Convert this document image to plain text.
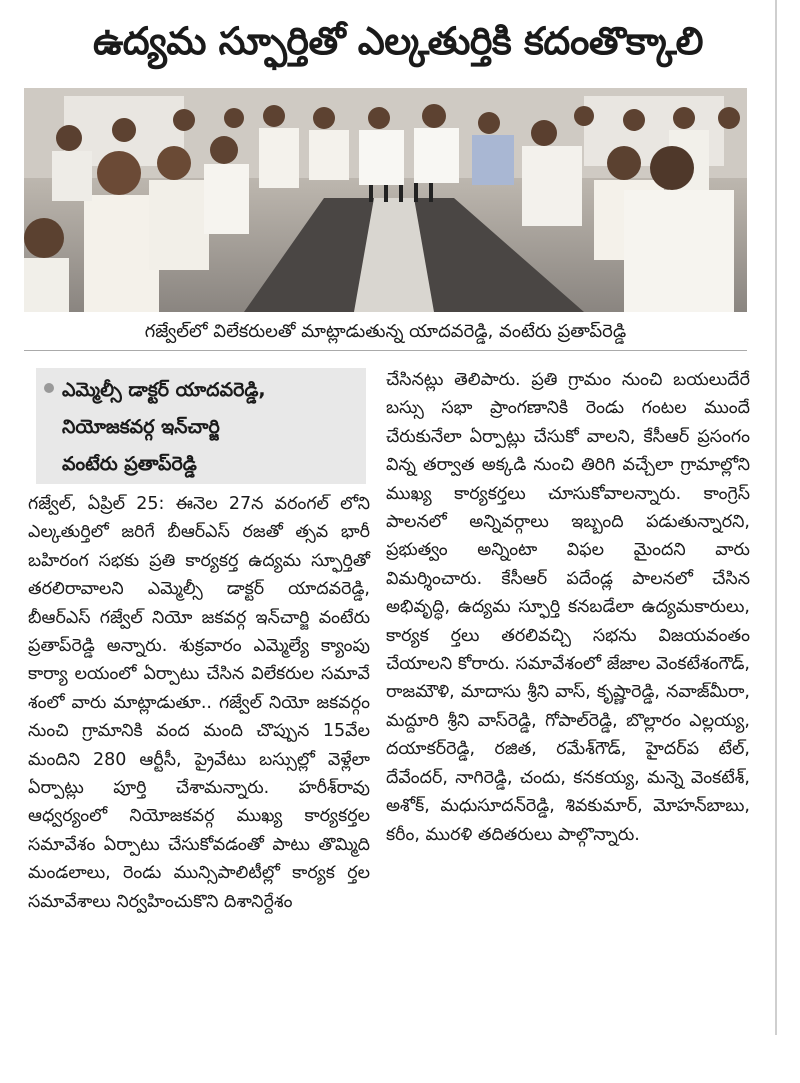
ఉద్యమ స్ఫూర్తితో ఎల్కతుర్తికి కదంతొక్కాలి
గజ్వేల్‌లో విలేకరులతో మాట్లాడుతున్న యాదవరెడ్డి, వంటేరు ప్రతాప్‌రెడ్డి
ఎమ్మెల్సీ డాక్టర్ యాదవరెడ్డి,
నియోజకవర్గ ఇన్‌చార్జి
వంటేరు ప్రతాప్‌రెడ్డి

గజ్వేల్, ఏప్రిల్ 25: ఈనెల 27న వరంగల్ లోని ఎల్కతుర్తిలో జరిగే బీఆర్ఎస్ రజతో త్సవ భారీ బహిరంగ సభకు ప్రతి కార్యకర్త ఉద్యమ స్ఫూర్తితో తరలిరావాలని ఎమ్మెల్సీ డాక్టర్ యాదవరెడ్డి, బీఆర్ఎస్ గజ్వేల్ నియో జకవర్గ ఇన్‌చార్జి వంటేరు ప్రతాప్‌రెడ్డి అన్నారు. శుక్రవారం ఎమ్మెల్యే క్యాంపు కార్యా లయంలో ఏర్పాటు చేసిన విలేకరుల సమావే శంలో వారు మాట్లాడుతూ.. గజ్వేల్ నియో జకవర్గం నుంచి గ్రామానికి వంద మంది చొప్పున 15వేల మందిని 280 ఆర్టీసీ, ప్రైవేటు బస్సుల్లో వెళ్లేలా ఏర్పాట్లు పూర్తి చేశామన్నారు. హరీశ్‌రావు ఆధ్వర్యంలో నియోజకవర్గ ముఖ్య కార్యకర్తల సమావేశం ఏర్పాటు చేసుకోవడంతో పాటు తొమ్మిది మండలాలు, రెండు మున్సిపాలిటీల్లో కార్యక ర్తల సమావేశాలు నిర్వహించుకొని దిశానిర్దేశం

చేసినట్లు తెలిపారు. ప్రతి గ్రామం నుంచి బయలుదేరే బస్సు సభా ప్రాంగణానికి రెండు గంటల ముందే చేరుకునేలా ఏర్పాట్లు చేసుకో వాలని, కేసీఆర్ ప్రసంగం విన్న తర్వాత అక్కడి నుంచి తిరిగి వచ్చేలా గ్రామాల్లోని ముఖ్య కార్యకర్తలు చూసుకోవాలన్నారు. కాంగ్రెస్ పాలనలో అన్నివర్గాలు ఇబ్బంది పడుతున్నారని, ప్రభుత్వం అన్నింటా విఫల మైందని వారు విమర్శించారు. కేసీఆర్ పదేండ్ల పాలనలో చేసిన అభివృద్ధి, ఉద్యమ స్ఫూర్తి కనబడేలా ఉద్యమకారులు, కార్యక ర్తలు తరలివచ్చి సభను విజయవంతం చేయాలని కోరారు. సమావేశంలో జేజాల వెంకటేశంగౌడ్, రాజమౌళి, మాదాసు శ్రీని వాస్, కృష్ణారెడ్డి, నవాజ్‌మీరా, మద్దూరి శ్రీని వాస్‌రెడ్డి, గోపాల్‌రెడ్డి, బొల్లారం ఎల్లయ్య, దయాకర్‌రెడ్డి, రజిత, రమేశ్‌గౌడ్, హైదర్‌ప టేల్, దేవేందర్, నాగిరెడ్డి, చందు, కనకయ్య, మన్నె వెంకటేశ్, అశోక్, మధుసూదన్‌రెడ్డి, శివకుమార్, మోహన్‌బాబు, కరీం, మురళి తదితరులు పాల్గొన్నారు.
